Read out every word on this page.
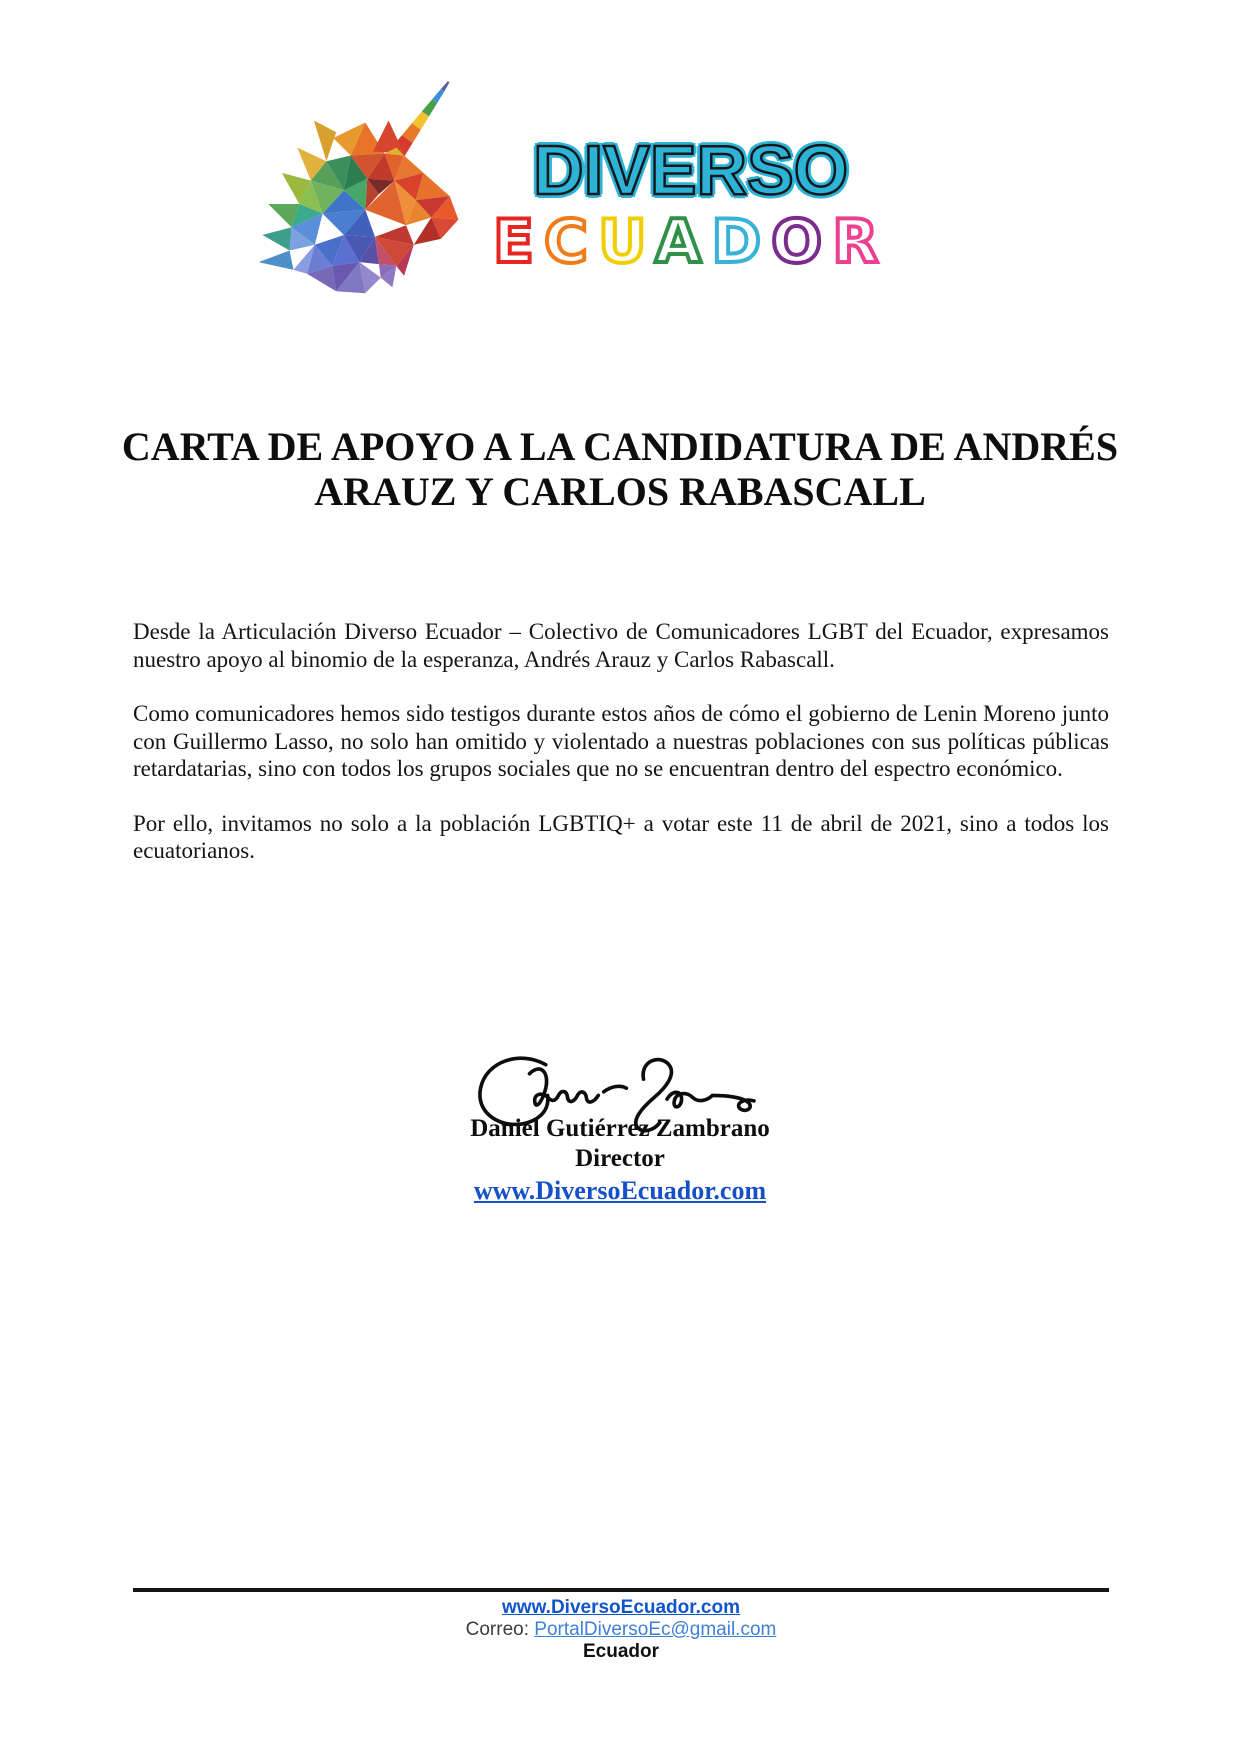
DIVERSO
ECUADOR
CARTA DE APOYO A LA CANDIDATURA DE ANDRÉS
ARAUZ Y CARLOS RABASCALL

Desde la Articulación Diverso Ecuador – Colectivo de Comunicadores LGBT del Ecuador, expresamos nuestro apoyo al binomio de la esperanza, Andrés Arauz y Carlos Rabascall.

Como comunicadores hemos sido testigos durante estos años de cómo el gobierno de Lenin Moreno junto con Guillermo Lasso, no solo han omitido y violentado a nuestras poblaciones con sus políticas públicas retardatarias, sino con todos los grupos sociales que no se encuentran dentro del espectro económico.

Por ello, invitamos no solo a la población LGBTIQ+ a votar este 11 de abril de 2021, sino a todos los ecuatorianos.

Daniel Gutiérrez Zambrano
Director
www.DiversoEcuador.com
www.DiversoEcuador.com
Correo: PortalDiversoEc@gmail.com
Ecuador
